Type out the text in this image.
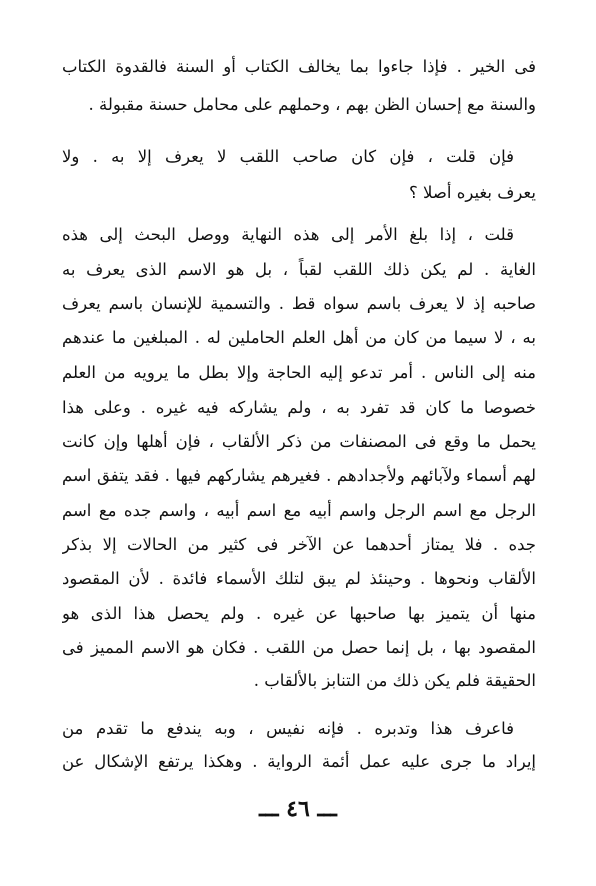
فى الخير . فإذا جاءوا بما يخالف الكتاب أو السنة فالقدوة الكتاب
والسنة مع إحسان الظن بهم ، وحملهم على محامل حسنة مقبولة .
فإن قلت ، فإن كان صاحب اللقب لا يعرف إلا به . ولا
يعرف بغيره أصلا ؟
قلت ، إذا بلغ الأمر إلى هذه النهاية ووصل البحث إلى هذه
الغاية . لم يكن ذلك اللقب لقباً ، بل هو الاسم الذى يعرف به
صاحبه إذ لا يعرف باسم سواه قط . والتسمية للإنسان باسم يعرف
به ، لا سيما من كان من أهل العلم الحاملين له . المبلغين ما عندهم
منه إلى الناس . أمر تدعو إليه الحاجة وإلا بطل ما يرويه من العلم
خصوصا ما كان قد تفرد به ، ولم يشاركه فيه غيره . وعلى هذا
يحمل ما وقع فى المصنفات من ذكر الألقاب ، فإن أهلها وإن كانت
لهم أسماء ولآبائهم ولأجدادهم . فغيرهم يشاركهم فيها . فقد يتفق اسم
الرجل مع اسم الرجل واسم أبيه مع اسم أبيه ، واسم جده مع اسم
جده . فلا يمتاز أحدهما عن الآخر فى كثير من الحالات إلا بذكر
الألقاب ونحوها . وحينئذ لم يبق لتلك الأسماء فائدة . لأن المقصود
منها أن يتميز بها صاحبها عن غيره . ولم يحصل هذا الذى هو
المقصود بها ، بل إنما حصل من اللقب . فكان هو الاسم المميز فى
الحقيقة فلم يكن ذلك من التنابز بالألقاب .
فاعرف هذا وتدبره . فإنه نفيس ، وبه يندفع ما تقدم من
إيراد ما جرى عليه عمل أئمة الرواية . وهكذا يرتفع الإشكال عن
ـــ ٤٦ ـــ
